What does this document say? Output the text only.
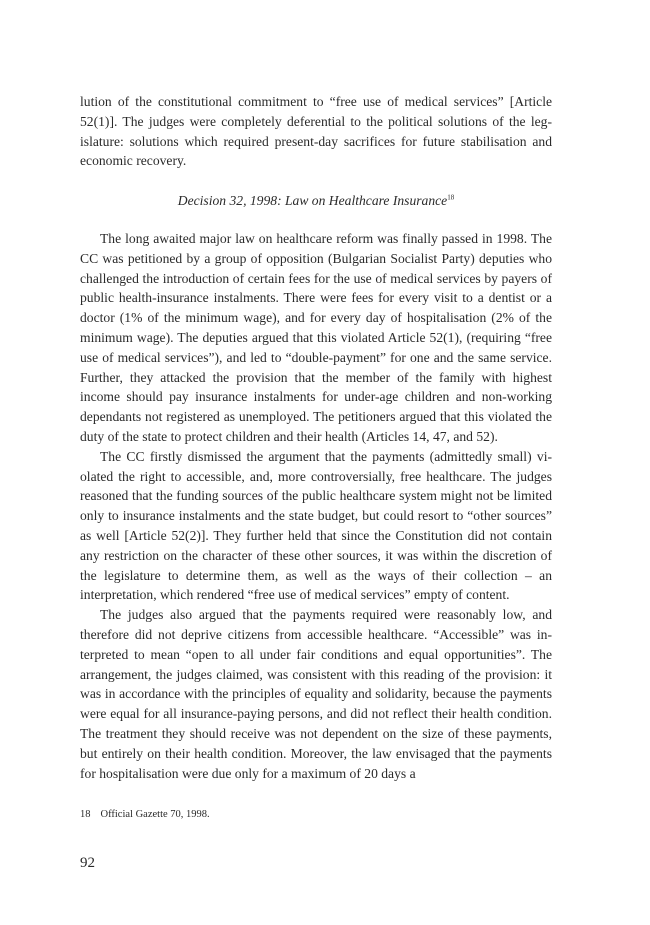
lution of the constitutional commitment to “free use of medical services” [Article 52(1)]. The judges were completely deferential to the political solutions of the legislature: solutions which required present-day sacrifices for future stabilisation and economic recovery.

Decision 32, 1998: Law on Healthcare Insurance$^{18}$

The long awaited major law on healthcare reform was finally passed in 1998. The CC was petitioned by a group of opposition (Bulgarian Socialist Party) deputies who challenged the introduction of certain fees for the use of medical services by payers of public health-insurance instalments. There were fees for every visit to a dentist or a doctor (1% of the minimum wage), and for every day of hospitalisation (2% of the minimum wage). The deputies argued that this violated Article 52(1), (requiring “free use of medical services”), and led to “double-payment” for one and the same service. Further, they attacked the provision that the member of the family with highest income should pay insurance instalments for under-age children and non-working dependants not registered as unemployed. The petitioners argued that this violated the duty of the state to protect children and their health (Articles 14, 47, and 52).

The CC firstly dismissed the argument that the payments (admittedly small) violated the right to accessible, and, more controversially, free healthcare. The judges reasoned that the funding sources of the public healthcare system might not be limited only to insurance instalments and the state budget, but could resort to “other sources” as well [Article 52(2)]. They further held that since the Constitution did not contain any restriction on the character of these other sources, it was within the discretion of the legislature to determine them, as well as the ways of their collection – an interpretation, which rendered “free use of medical services” empty of content.

The judges also argued that the payments required were reasonably low, and therefore did not deprive citizens from accessible healthcare. “Accessible” was interpreted to mean “open to all under fair conditions and equal opportunities”. The arrangement, the judges claimed, was consistent with this reading of the provision: it was in accordance with the principles of equality and solidarity, because the payments were equal for all insurance-paying persons, and did not reflect their health condition. The treatment they should receive was not dependent on the size of these payments, but entirely on their health condition. Moreover, the law envisaged that the payments for hospitalisation were due only for a maximum of 20 days a

18 Official Gazette 70, 1998.
92
